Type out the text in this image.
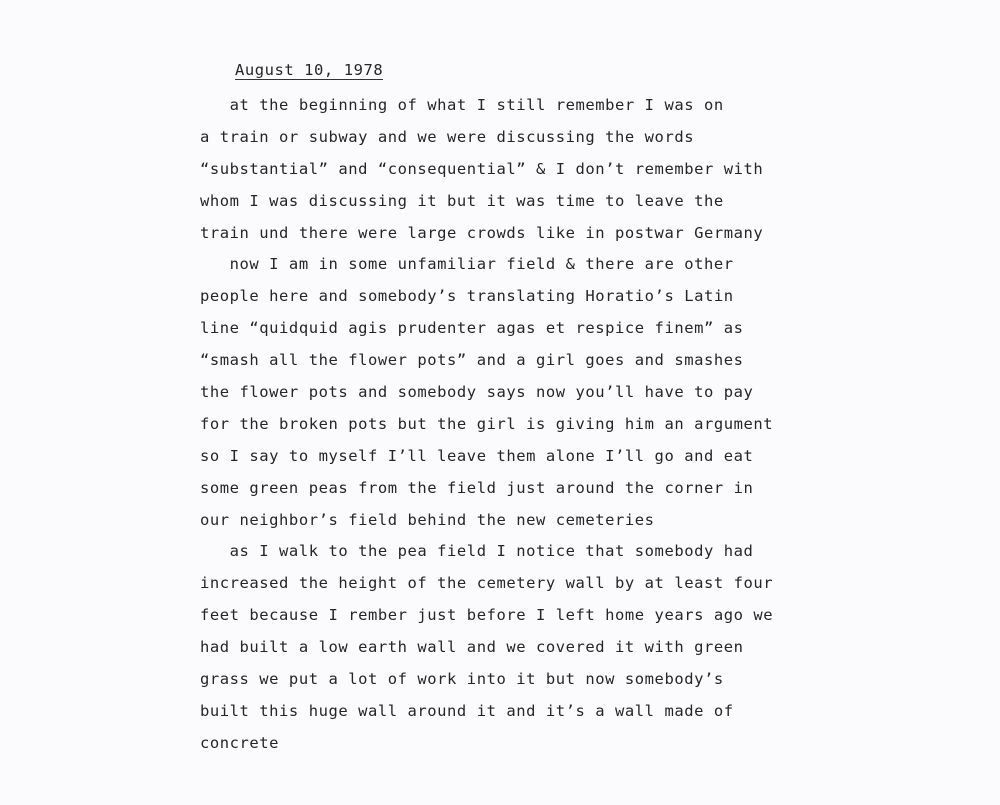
August 10, 1978
at the beginning of what I still remember I was on
a train or subway and we were discussing the words
“substantial” and “consequential” & I don’t remember with
whom I was discussing it but it was time to leave the
train und there were large crowds like in postwar Germany
now I am in some unfamiliar field & there are other
people here and somebody’s translating Horatio’s Latin
line “quidquid agis prudenter agas et respice finem” as
“smash all the flower pots” and a girl goes and smashes
the flower pots and somebody says now you’ll have to pay
for the broken pots but the girl is giving him an argument
so I say to myself I’ll leave them alone I’ll go and eat
some green peas from the field just around the corner in
our neighbor’s field behind the new cemeteries
as I walk to the pea field I notice that somebody had
increased the height of the cemetery wall by at least four
feet because I rember just before I left home years ago we
had built a low earth wall and we covered it with green
grass we put a lot of work into it but now somebody’s
built this huge wall around it and it’s a wall made of
concrete
